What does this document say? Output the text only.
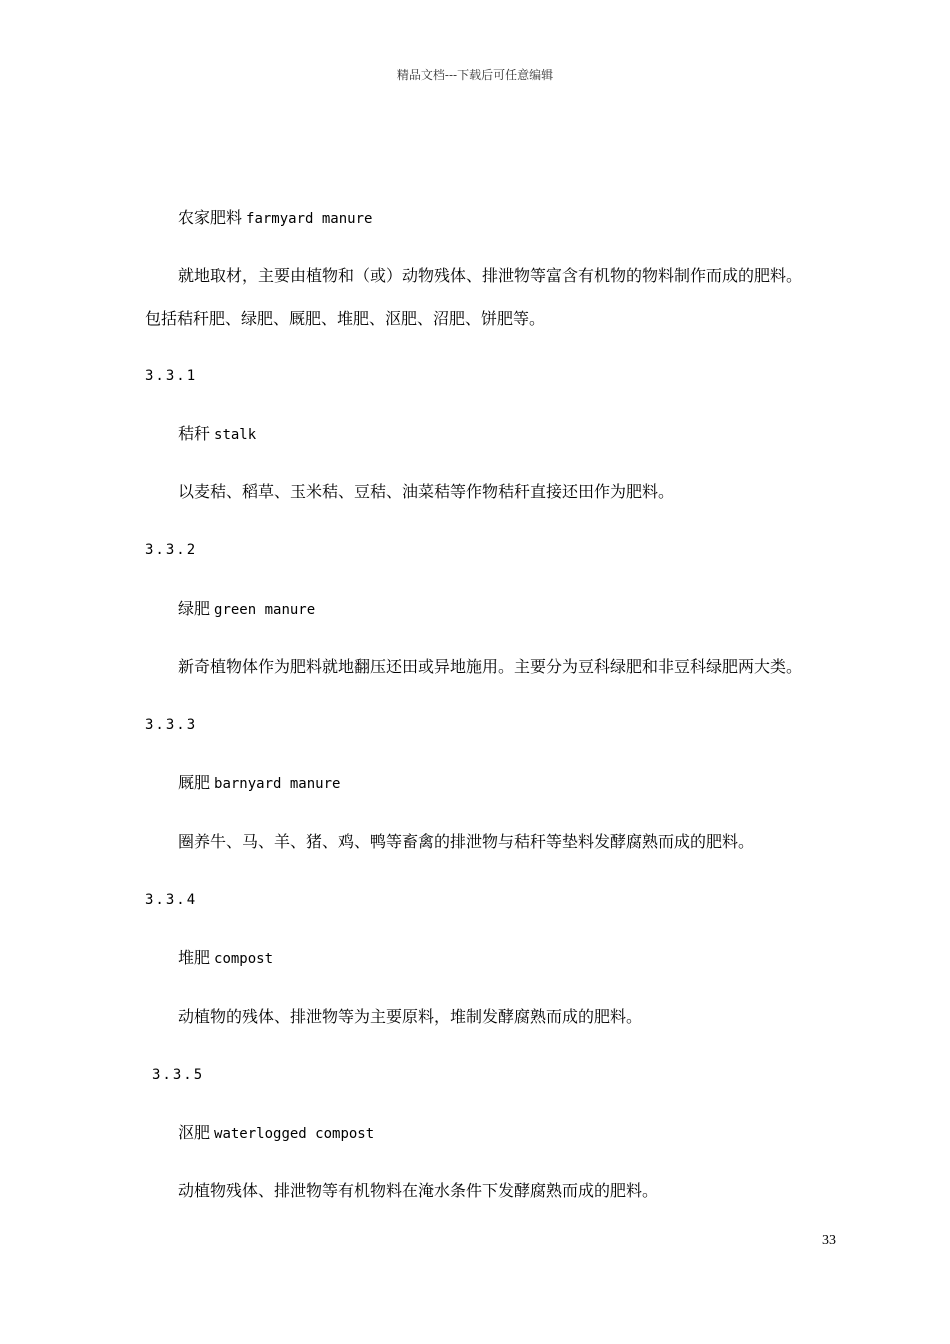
精品文档---下载后可任意编辑
农家肥料 farmyard manure
就地取材，主要由植物和（或）动物残体、排泄物等富含有机物的物料制作而成的肥料。
包括秸秆肥、绿肥、厩肥、堆肥、沤肥、沼肥、饼肥等。
3.3.1
秸秆 stalk
以麦秸、稻草、玉米秸、豆秸、油菜秸等作物秸秆直接还田作为肥料。
3.3.2
绿肥 green manure
新奇植物体作为肥料就地翻压还田或异地施用。主要分为豆科绿肥和非豆科绿肥两大类。
3.3.3
厩肥 barnyard manure
圈养牛、马、羊、猪、鸡、鸭等畜禽的排泄物与秸秆等垫料发酵腐熟而成的肥料。
3.3.4
堆肥 compost
动植物的残体、排泄物等为主要原料，堆制发酵腐熟而成的肥料。
3.3.5
沤肥 waterlogged compost
动植物残体、排泄物等有机物料在淹水条件下发酵腐熟而成的肥料。
33
